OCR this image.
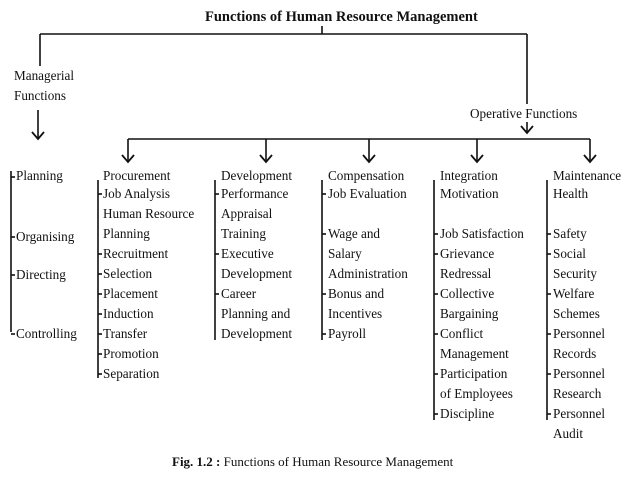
Functions of Human Resource Management
Managerial
Functions
Operative Functions
Planning
Organising
Directing
Controlling
Procurement
Job Analysis
Human Resource
Planning
Recruitment
Selection
Placement
Induction
Transfer
Promotion
Separation
Development
Performance
Appraisal
Training
Executive
Development
Career
Planning and
Development
Compensation
Job Evaluation
Wage and
Salary
Administration
Bonus and
Incentives
Payroll
Integration
Motivation
Job Satisfaction
Grievance
Redressal
Collective
Bargaining
Conflict
Management
Participation
of Employees
Discipline
Maintenance
Health
Safety
Social
Security
Welfare
Schemes
Personnel
Records
Personnel
Research
Personnel
Audit
Fig. 1.2 : Functions of Human Resource Management
